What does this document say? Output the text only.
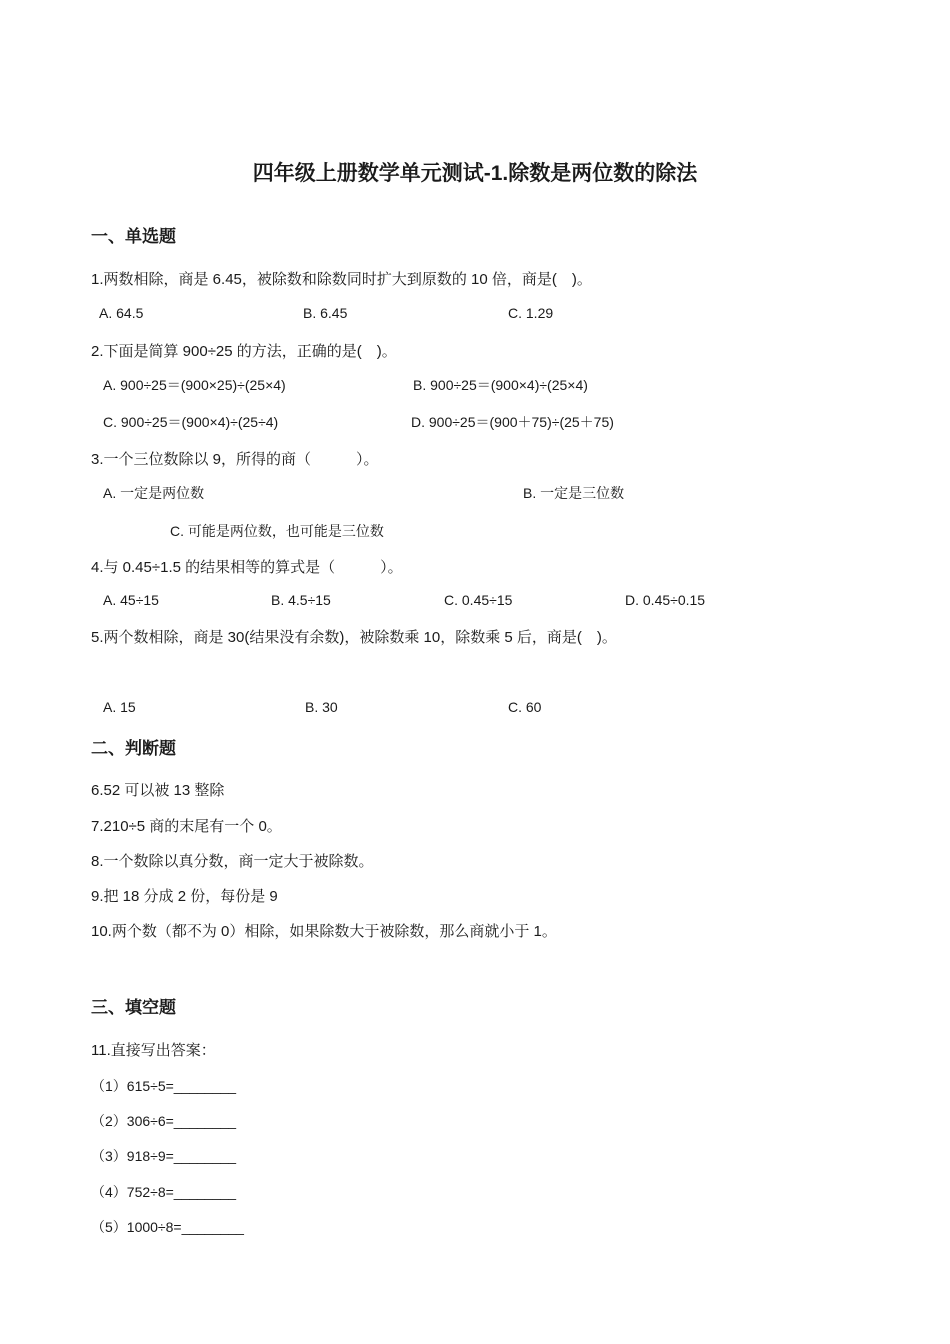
四年级上册数学单元测试-1.除数是两位数的除法
一、单选题
1.两数相除，商是 6.45，被除数和除数同时扩大到原数的 10 倍，商是(　)。
A. 64.5	B. 6.45	C. 1.29
2.下面是简算 900÷25 的方法，正确的是(　)。
A. 900÷25＝(900×25)÷(25×4)	B. 900÷25＝(900×4)÷(25×4)
C. 900÷25＝(900×4)÷(25÷4)	D. 900÷25＝(900＋75)÷(25＋75)
3.一个三位数除以 9，所得的商（　　　）。
A. 一定是两位数	B. 一定是三位数
C. 可能是两位数，也可能是三位数
4.与 0.45÷1.5 的结果相等的算式是（　　　）。
A. 45÷15	B. 4.5÷15	C. 0.45÷15	D. 0.45÷0.15
5.两个数相除，商是 30(结果没有余数)，被除数乘 10，除数乘 5 后，商是(　)。
A. 15	B. 30	C. 60
二、判断题
6.52 可以被 13 整除
7.210÷5 商的末尾有一个 0。
8.一个数除以真分数，商一定大于被除数。
9.把 18 分成 2 份，每份是 9
10.两个数（都不为 0）相除，如果除数大于被除数，那么商就小于 1。
三、填空题
11.直接写出答案：
（1）615÷5=________
（2）306÷6=________
（3）918÷9=________
（4）752÷8=________
（5）1000÷8=________
